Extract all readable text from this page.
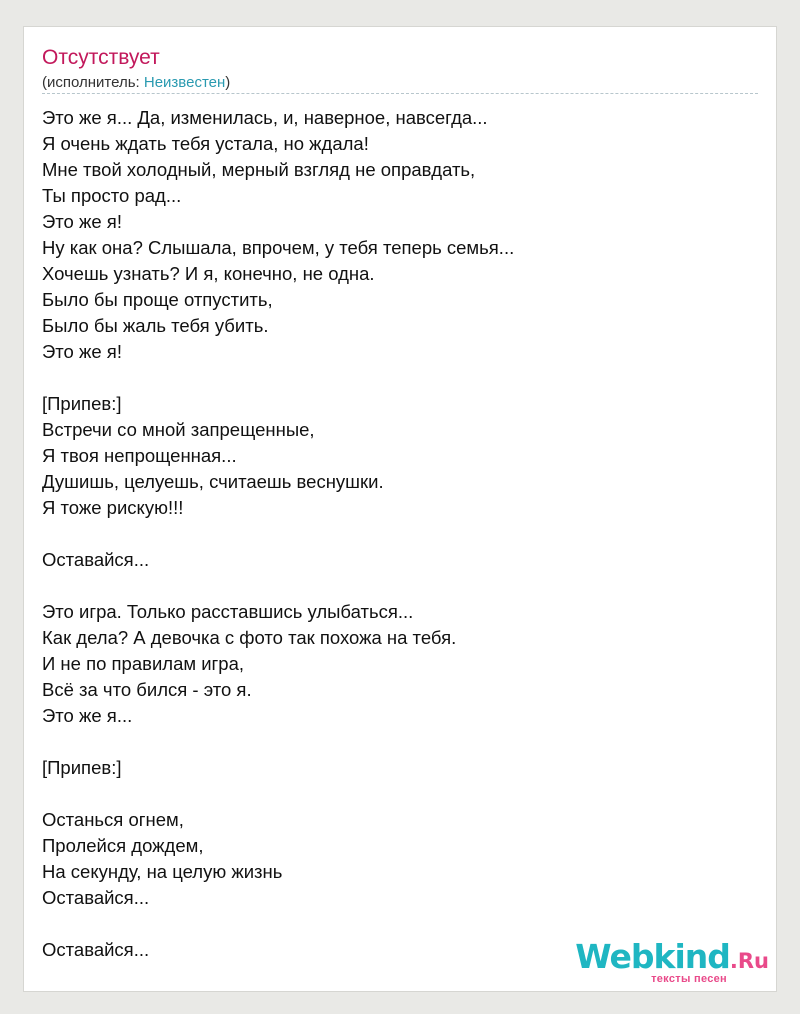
Отсутствует
(исполнитель: Неизвестен)
Это же я... Да, изменилась, и, наверное, навсегда...
Я очень ждать тебя устала, но ждала!
Мне твой холодный, мерный взгляд не оправдать,
Ты просто рад...
Это же я!
Ну как она? Слышала, впрочем, у тебя теперь семья...
Хочешь узнать? И я, конечно, не одна.
Было бы проще отпустить,
Было бы жаль тебя убить.
Это же я!
[Припев:]
Встречи со мной запрещенные,
Я твоя непрощенная...
Душишь, целуешь, считаешь веснушки.
Я тоже рискую!!!
Оставайся...
Это игра. Только расставшись улыбаться...
Как дела? А девочка с фото так похожа на тебя.
И не по правилам игра,
Всё за что бился - это я.
Это же я...
[Припев:]
Останься огнем,
Пролейся дождем,
На секунду, на целую жизнь
Оставайся...
Оставайся...	Webkind.Ru
тексты песен
